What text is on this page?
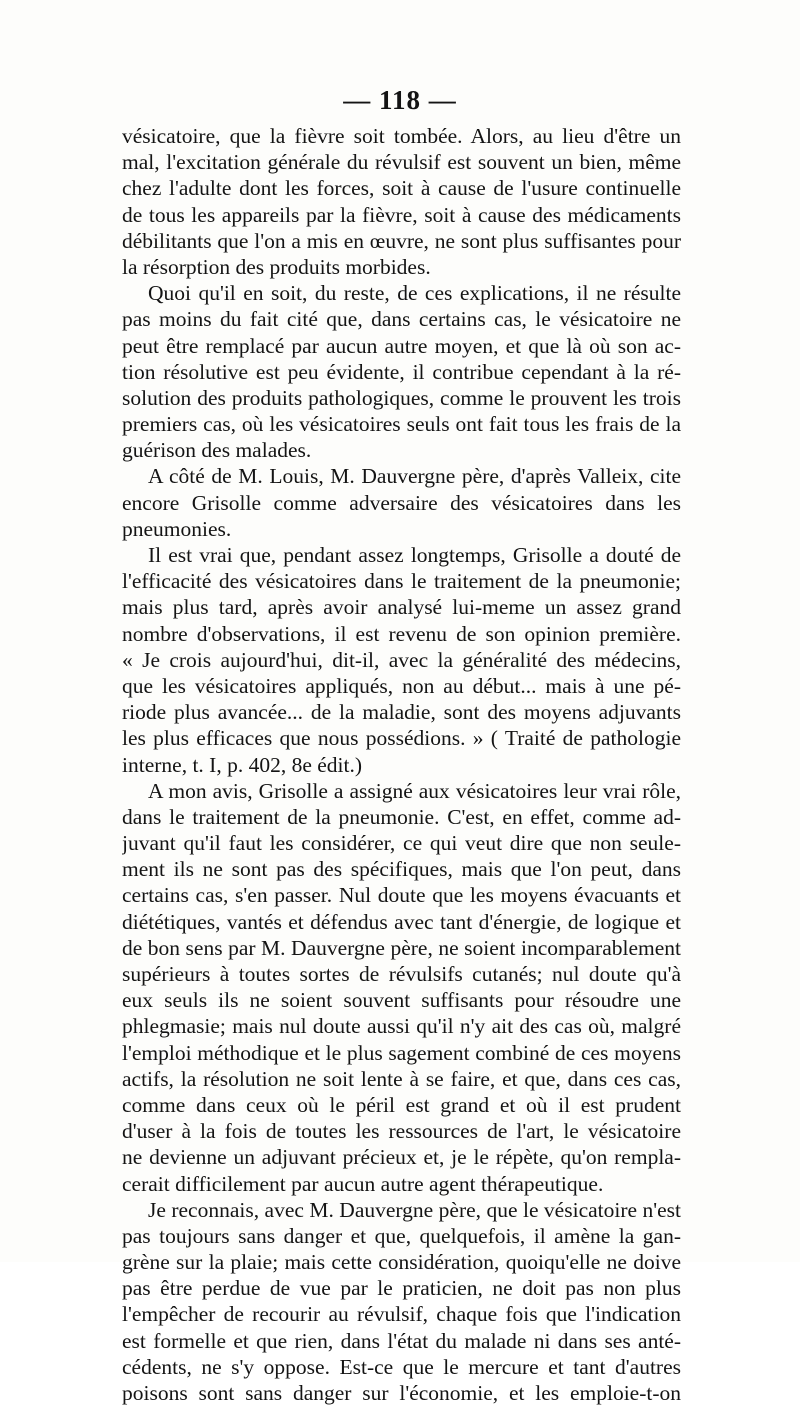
— 118 —
vésicatoire, que la fièvre soit tombée. Alors, au lieu d'être un
mal, l'excitation générale du révulsif est souvent un bien, même
chez l'adulte dont les forces, soit à cause de l'usure continuelle
de tous les appareils par la fièvre, soit à cause des médicaments
débilitants que l'on a mis en œuvre, ne sont plus suffisantes pour
la résorption des produits morbides.
Quoi qu'il en soit, du reste, de ces explications, il ne résulte
pas moins du fait cité que, dans certains cas, le vésicatoire ne
peut être remplacé par aucun autre moyen, et que là où son ac-
tion résolutive est peu évidente, il contribue cependant à la ré-
solution des produits pathologiques, comme le prouvent les trois
premiers cas, où les vésicatoires seuls ont fait tous les frais de la
guérison des malades.
A côté de M. Louis, M. Dauvergne père, d'après Valleix, cite
encore Grisolle comme adversaire des vésicatoires dans les
pneumonies.
Il est vrai que, pendant assez longtemps, Grisolle a douté de
l'efficacité des vésicatoires dans le traitement de la pneumonie;
mais plus tard, après avoir analysé lui-meme un assez grand
nombre d'observations, il est revenu de son opinion première.
« Je crois aujourd'hui, dit-il, avec la généralité des médecins,
que les vésicatoires appliqués, non au début... mais à une pé-
riode plus avancée... de la maladie, sont des moyens adjuvants
les plus efficaces que nous possédions. » ( Traité de pathologie
interne, t. I, p. 402, 8e édit.)
A mon avis, Grisolle a assigné aux vésicatoires leur vrai rôle,
dans le traitement de la pneumonie. C'est, en effet, comme ad-
juvant qu'il faut les considérer, ce qui veut dire que non seule-
ment ils ne sont pas des spécifiques, mais que l'on peut, dans
certains cas, s'en passer. Nul doute que les moyens évacuants et
diététiques, vantés et défendus avec tant d'énergie, de logique et
de bon sens par M. Dauvergne père, ne soient incomparablement
supérieurs à toutes sortes de révulsifs cutanés; nul doute qu'à
eux seuls ils ne soient souvent suffisants pour résoudre une
phlegmasie; mais nul doute aussi qu'il n'y ait des cas où, malgré
l'emploi méthodique et le plus sagement combiné de ces moyens
actifs, la résolution ne soit lente à se faire, et que, dans ces cas,
comme dans ceux où le péril est grand et où il est prudent
d'user à la fois de toutes les ressources de l'art, le vésicatoire
ne devienne un adjuvant précieux et, je le répète, qu'on rempla-
cerait difficilement par aucun autre agent thérapeutique.
Je reconnais, avec M. Dauvergne père, que le vésicatoire n'est
pas toujours sans danger et que, quelquefois, il amène la gan-
grène sur la plaie; mais cette considération, quoiqu'elle ne doive
pas être perdue de vue par le praticien, ne doit pas non plus
l'empêcher de recourir au révulsif, chaque fois que l'indication
est formelle et que rien, dans l'état du malade ni dans ses anté-
cédents, ne s'y oppose. Est-ce que le mercure et tant d'autres
poisons sont sans danger sur l'économie, et les emploie-t-on
